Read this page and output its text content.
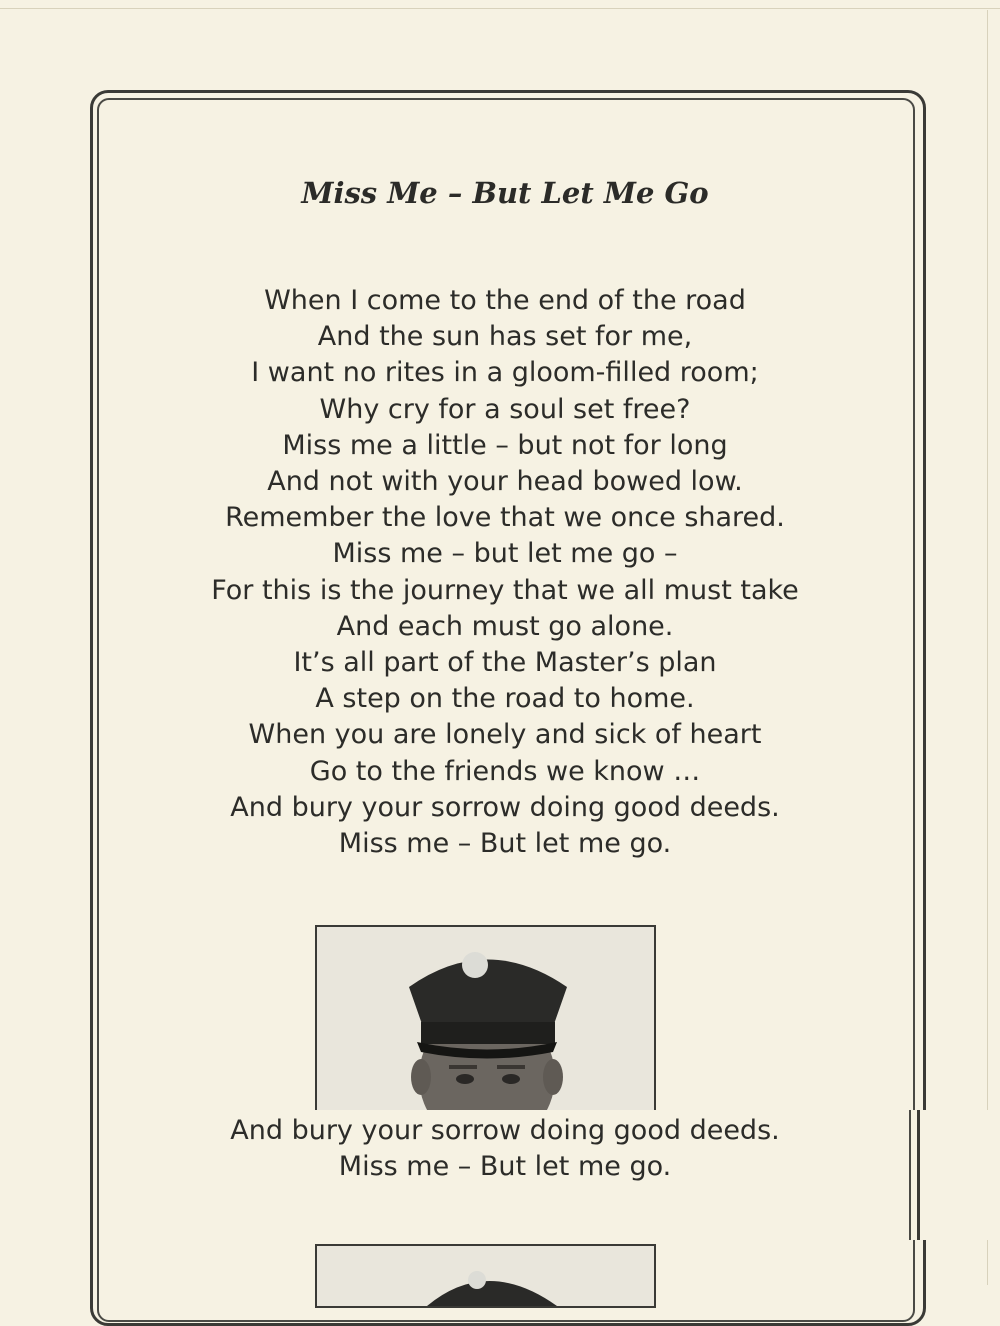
Miss Me – But Let Me Go
When I come to the end of the road
And the sun has set for me,
I want no rites in a gloom-filled room;
Why cry for a soul set free?
Miss me a little – but not for long
And not with your head bowed low.
Remember the love that we once shared.
Miss me – but let me go –
For this is the journey that we all must take
And each must go alone.
It’s all part of the Master’s plan
A step on the road to home.
When you are lonely and sick of heart
Go to the friends we know …
And bury your sorrow doing good deeds.
Miss me – But let me go.
And bury your sorrow doing good deeds.
Miss me – But let me go.
